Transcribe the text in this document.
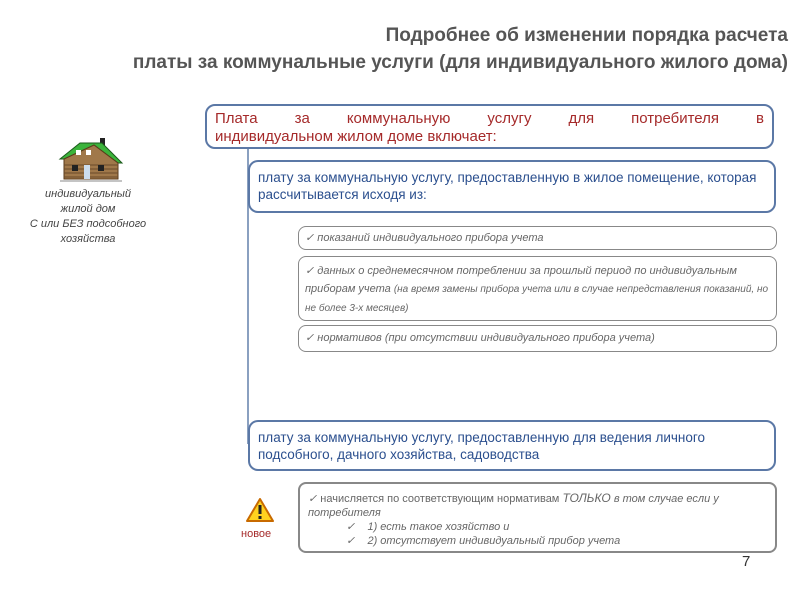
Подробнее об изменении порядка расчета
платы за коммунальные услуги (для индивидуального жилого дома)
индивидуальный
жилой дом
С или БЕЗ подсобного
хозяйства
Плата за коммунальную услугу для потребителя в
индивидуальном жилом доме включает:
плату за коммунальную услугу, предоставленную в жилое помещение, которая рассчитывается исходя из:
✓ показаний индивидуального прибора учета
✓ данных о среднемесячном потреблении за прошлый период по индивидуальным приборам учета (на время замены прибора учета или в случае непредставления показаний, но не более 3-х месяцев)
✓ нормативов (при отсутствии индивидуального прибора учета)
плату за коммунальную услугу, предоставленную для ведения личного подсобного, дачного хозяйства, садоводства
новое
✓ начисляется по соответствующим нормативам ТОЛЬКО в том случае если у потребителя
✓ 1) есть такое хозяйство и
✓ 2) отсутствует индивидуальный прибор учета
7
